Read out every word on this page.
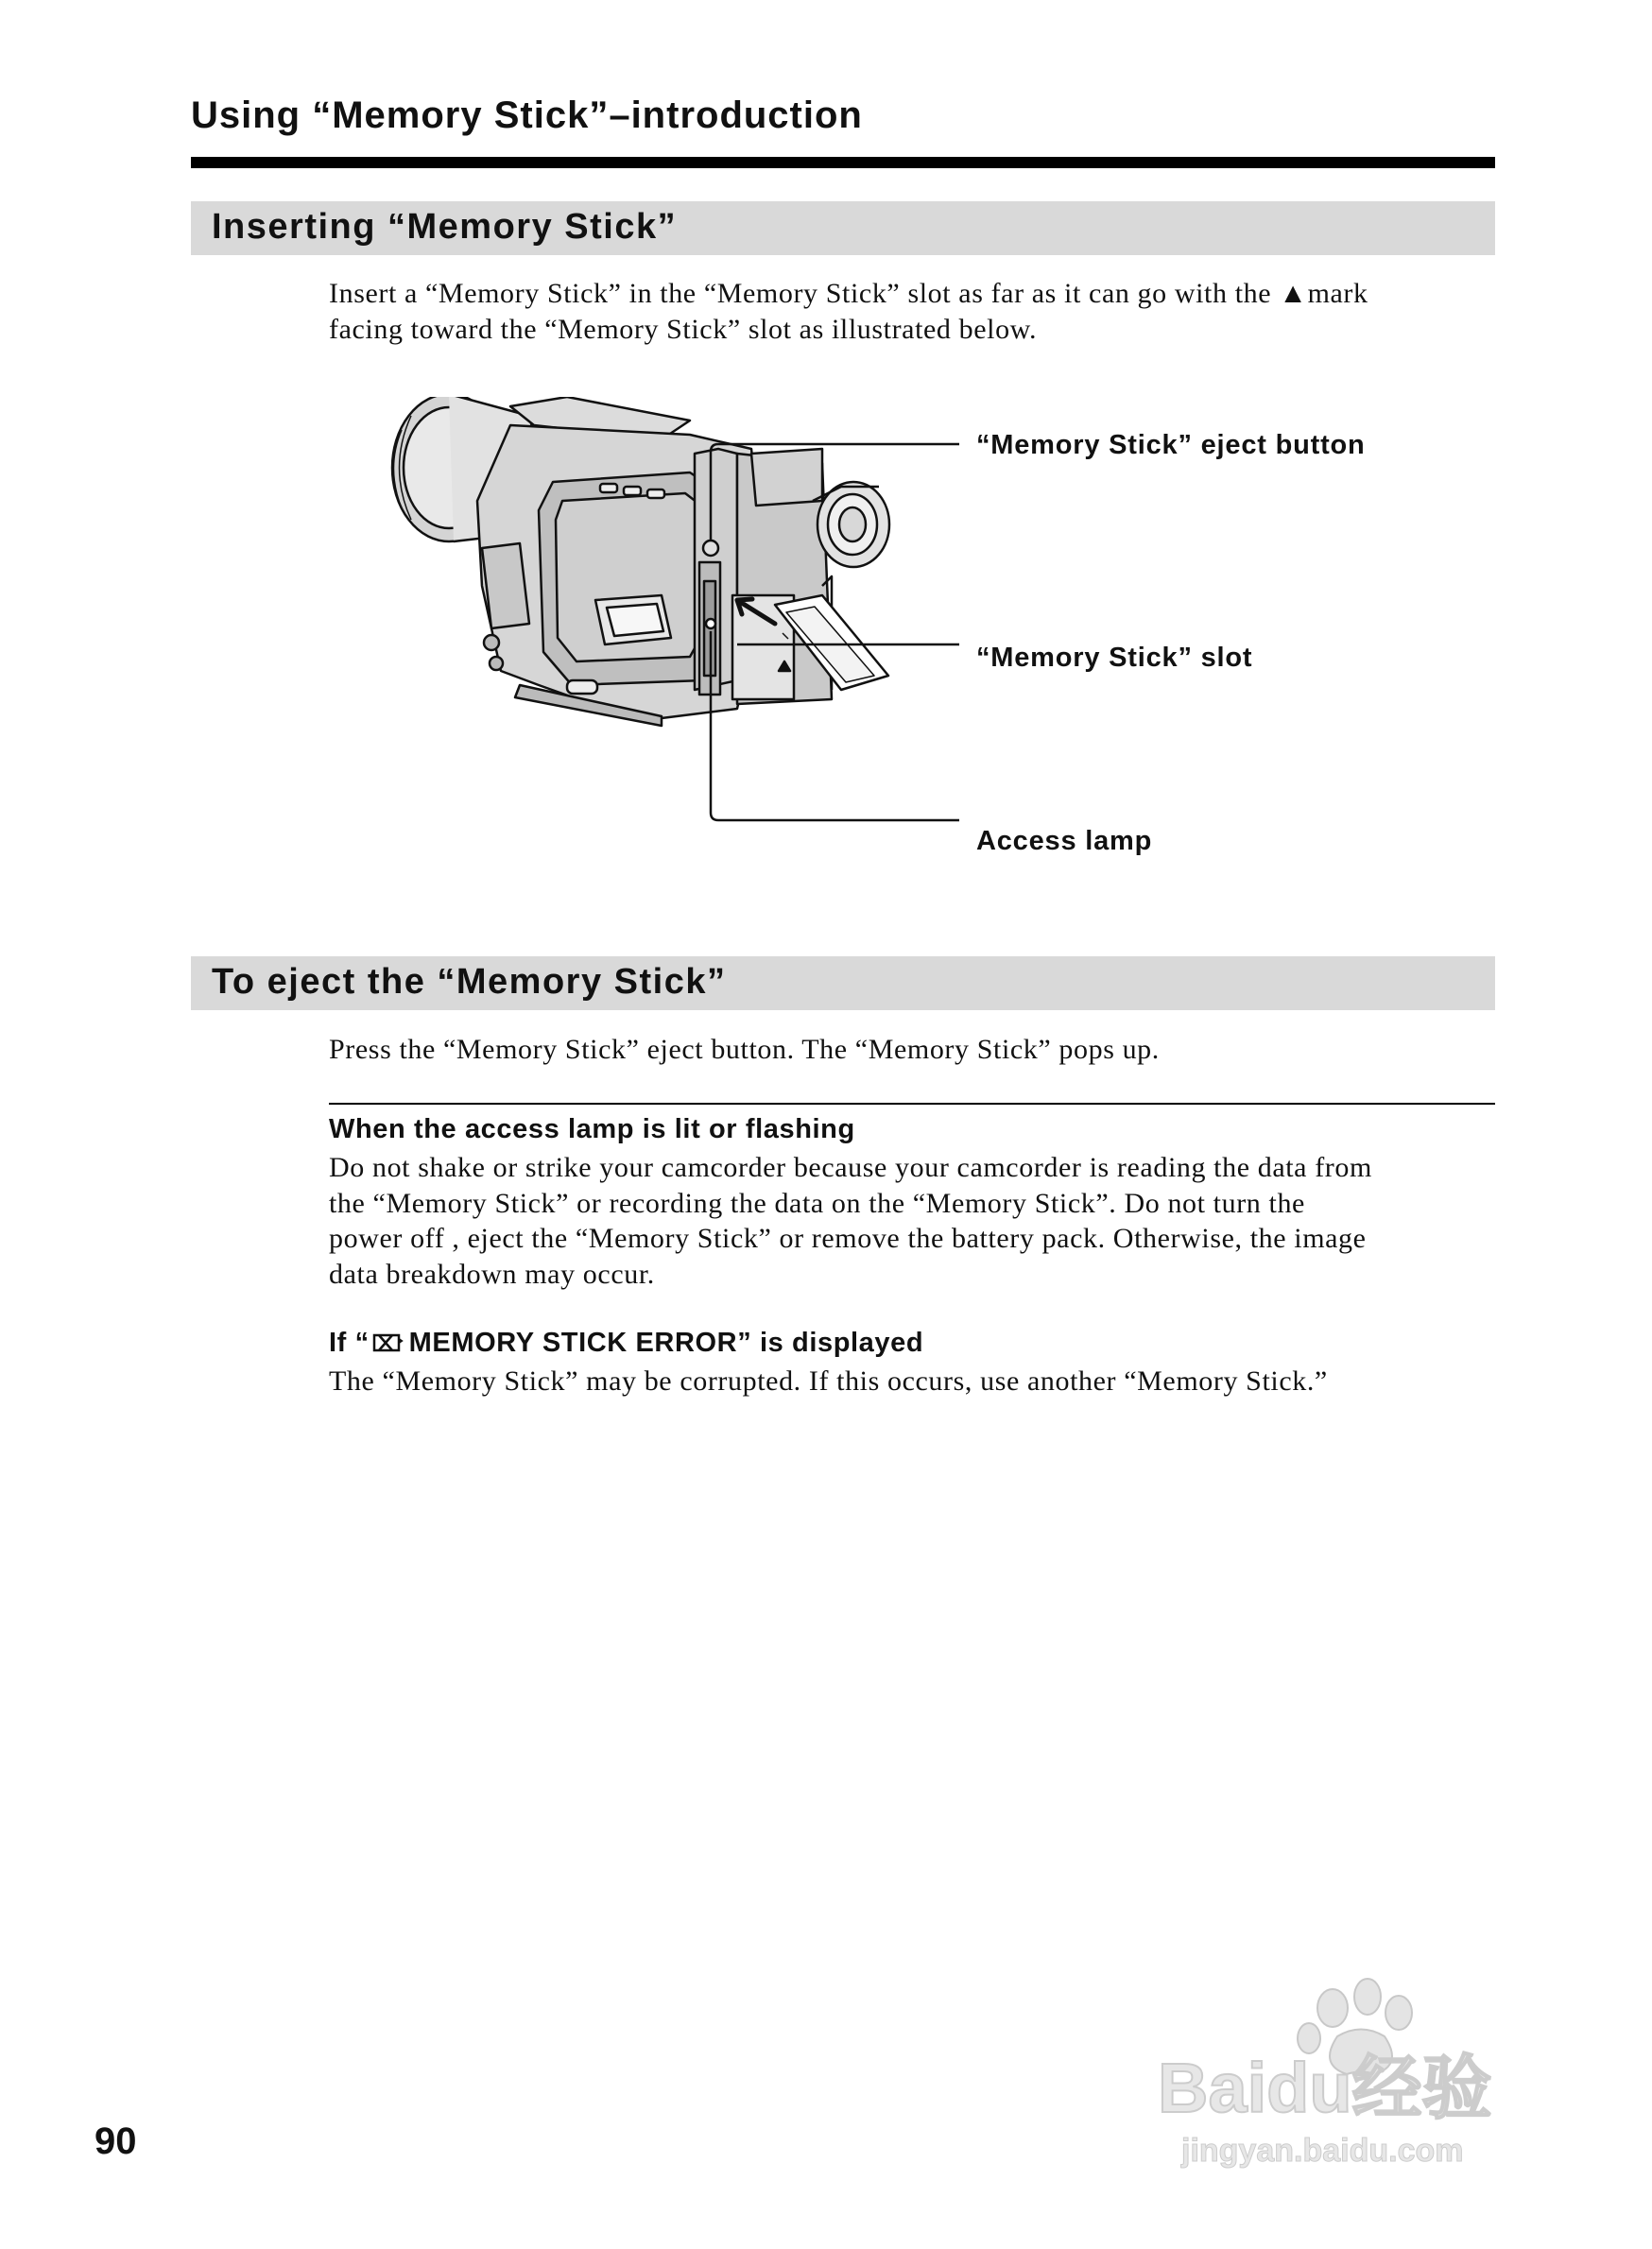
Using “Memory Stick”–introduction
Inserting “Memory Stick”

Insert a “Memory Stick” in the “Memory Stick” slot as far as it can go with the ▲mark
facing toward the “Memory Stick” slot as illustrated below.

“Memory Stick” eject button
“Memory Stick” slot
Access lamp
To eject the “Memory Stick”

Press the “Memory Stick” eject button. The “Memory Stick” pops up.

When the access lamp is lit or flashing
Do not shake or strike your camcorder because your camcorder is reading the data from
the “Memory Stick” or recording the data on the “Memory Stick”. Do not turn the
power off , eject the “Memory Stick” or remove the battery pack. Otherwise, the image
data breakdown may occur.
If “ MEMORY STICK ERROR” is displayed
The “Memory Stick” may be corrupted. If this occurs, use another “Memory Stick.”
90
Baidu经验
jingyan.baidu.com
